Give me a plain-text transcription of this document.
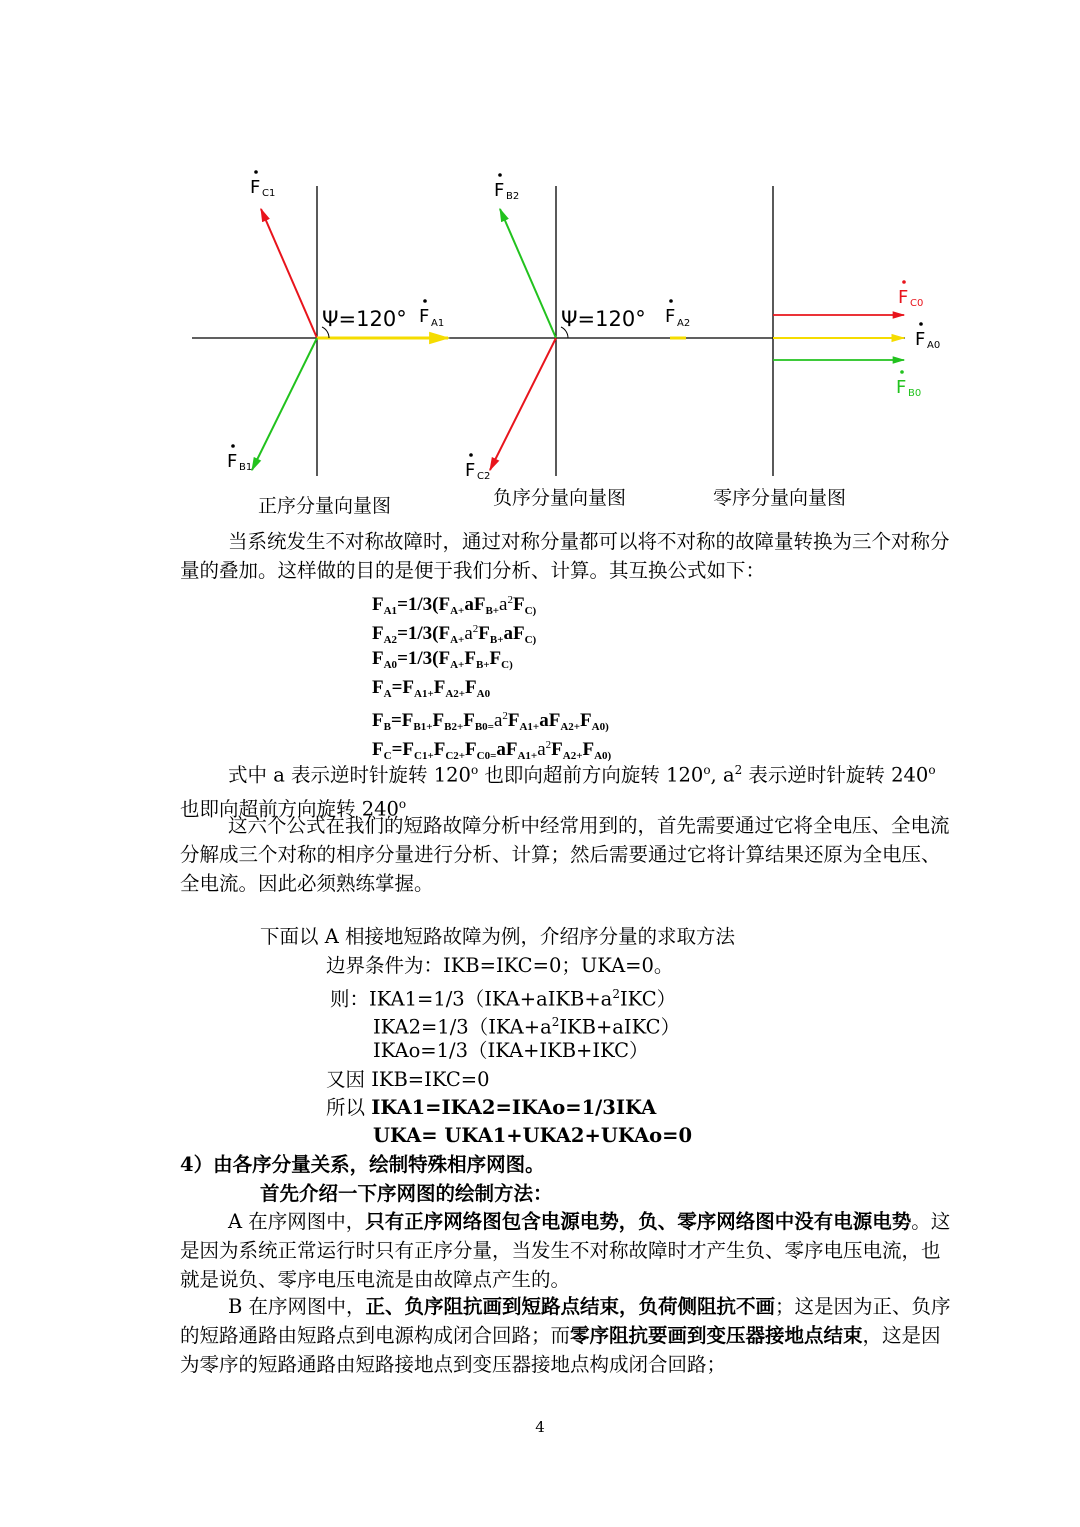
Ψ=120°	Ψ=120°
F C1
F A1
F B1
F B2
F A2
F C2
F C0
F A0
F B0
正序分量向量图	负序分量向量图	零序分量向量图
当系统发生不对称故障时，通过对称分量都可以将不对称的故障量转换为三个对称分量的叠加。这样做的目的是便于我们分析、计算。其互换公式如下：
$F_{A1}=1/3(F_{A+}aF_{B+}a^2F_{C)}$
$F_{A2}=1/3(F_{A+}a^2F_{B+}aF_{C)}$
$F_{A0}=1/3(F_{A+}F_{B+}F_{C)}$
$F_A=F_{A1+}F_{A2+}F_{A0}$
$F_B=F_{B1+}F_{B2+}F_{B0=}a^2F_{A1+}aF_{A2+}F_{A0)}$
$F_C=F_{C1+}F_{C2+}F_{C0=}aF_{A1+}a^2F_{A2+}F_{A0)}$
式中 a 表示逆时针旋转 120$^o$ 也即向超前方向旋转 120$^o$, $a^2$ 表示逆时针旋转 240$^o$ 也即向超前方向旋转 240$^o$
这六个公式在我们的短路故障分析中经常用到的，首先需要通过它将全电压、全电流分解成三个对称的相序分量进行分析、计算；然后需要通过它将计算结果还原为全电压、全电流。因此必须熟练掌握。
下面以 A 相接地短路故障为例，介绍序分量的求取方法
边界条件为：IKB=IKC=0；UKA=0。
则：$IKA1=1/3(IKA+aIKB+a^2IKC)$
$IKA2=1/3(IKA+a^2IKB+aIKC)$
IKAo=1/3（IKA+IKB+IKC）
又因 IKB=IKC=0
所以 IKA1=IKA2=IKAo=1/3IKA
UKA= UKA1+UKA2+UKAo=0
4）由各序分量关系，绘制特殊相序网图。
首先介绍一下序网图的绘制方法：
A 在序网图中，只有正序网络图包含电源电势，负、零序网络图中没有电源电势。这是因为系统正常运行时只有正序分量，当发生不对称故障时才产生负、零序电压电流，也就是说负、零序电压电流是由故障点产生的。
B 在序网图中，正、负序阻抗画到短路点结束，负荷侧阻抗不画；这是因为正、负序的短路通路由短路点到电源构成闭合回路；而零序阻抗要画到变压器接地点结束，这是因为零序的短路通路由短路接地点到变压器接地点构成闭合回路；
4
